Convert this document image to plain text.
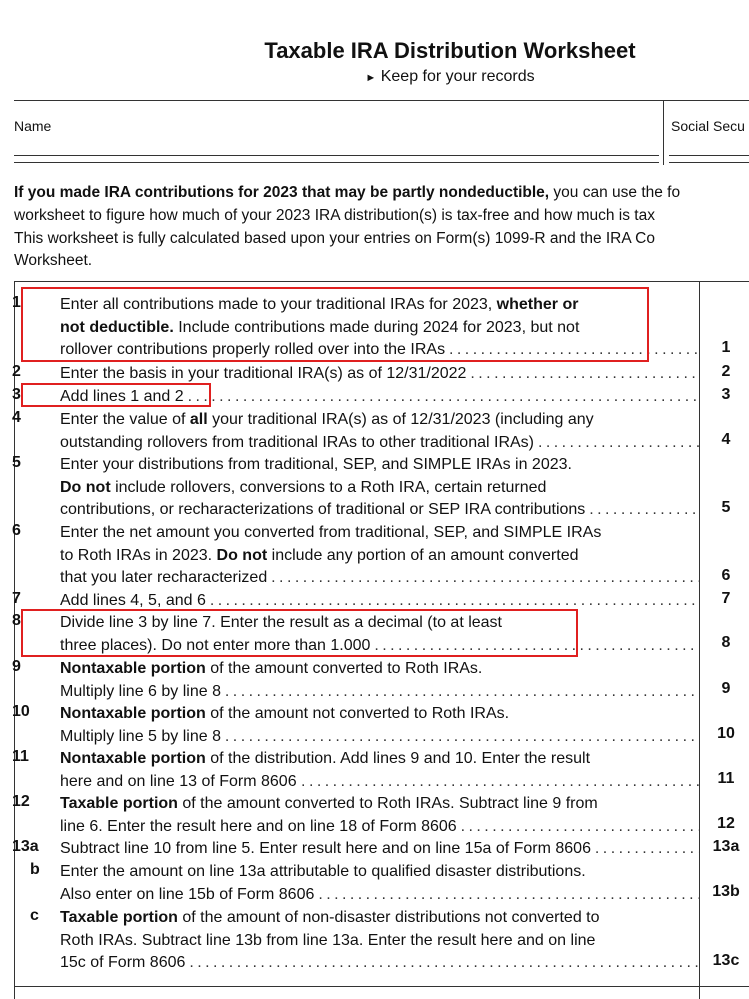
Taxable IRA Distribution Worksheet
► Keep for your records
Name	Social Secu
If you made IRA contributions for 2023 that may be partly nondeductible, you can use the fo
worksheet to figure how much of your 2023 IRA distribution(s) is tax-free and how much is tax
This worksheet is fully calculated based upon your entries on Form(s) 1099-R and the IRA Co
Worksheet.
1	Enter all contributions made to your traditional IRAs for 2023, whether or
not deductible. Include contributions made during 2024 for 2023, but not
rollover contributions properly rolled over into the IRAs . . .	1
2	Enter the basis in your traditional IRA(s) as of 12/31/2022 . . .	2
3	Add lines 1 and 2 . . .	3
4	Enter the value of all your traditional IRA(s) as of 12/31/2023 (including any
outstanding rollovers from traditional IRAs to other traditional IRAs) . . .	4
5	Enter your distributions from traditional, SEP, and SIMPLE IRAs in 2023.
Do not include rollovers, conversions to a Roth IRA, certain returned
contributions, or recharacterizations of traditional or SEP IRA contributions . . .	5
6	Enter the net amount you converted from traditional, SEP, and SIMPLE IRAs
to Roth IRAs in 2023. Do not include any portion of an amount converted
that you later recharacterized . . .	6
7	Add lines 4, 5, and 6 . . .	7
8	Divide line 3 by line 7. Enter the result as a decimal (to at least
three places). Do not enter more than 1.000 . . .	8
9	Nontaxable portion of the amount converted to Roth IRAs.
Multiply line 6 by line 8 . . .	9
10	Nontaxable portion of the amount not converted to Roth IRAs.
Multiply line 5 by line 8 . . .	10
11	Nontaxable portion of the distribution. Add lines 9 and 10. Enter the result
here and on line 13 of Form 8606 . . .	11
12	Taxable portion of the amount converted to Roth IRAs. Subtract line 9 from
line 6. Enter the result here and on line 18 of Form 8606 . . .	12
13a	Subtract line 10 from line 5. Enter result here and on line 15a of Form 8606 . . .	13a
b	Enter the amount on line 13a attributable to qualified disaster distributions.
Also enter on line 15b of Form 8606 . . .	13b
c	Taxable portion of the amount of non-disaster distributions not converted to
Roth IRAs. Subtract line 13b from line 13a. Enter the result here and on line
15c of Form 8606 . . .	13c
